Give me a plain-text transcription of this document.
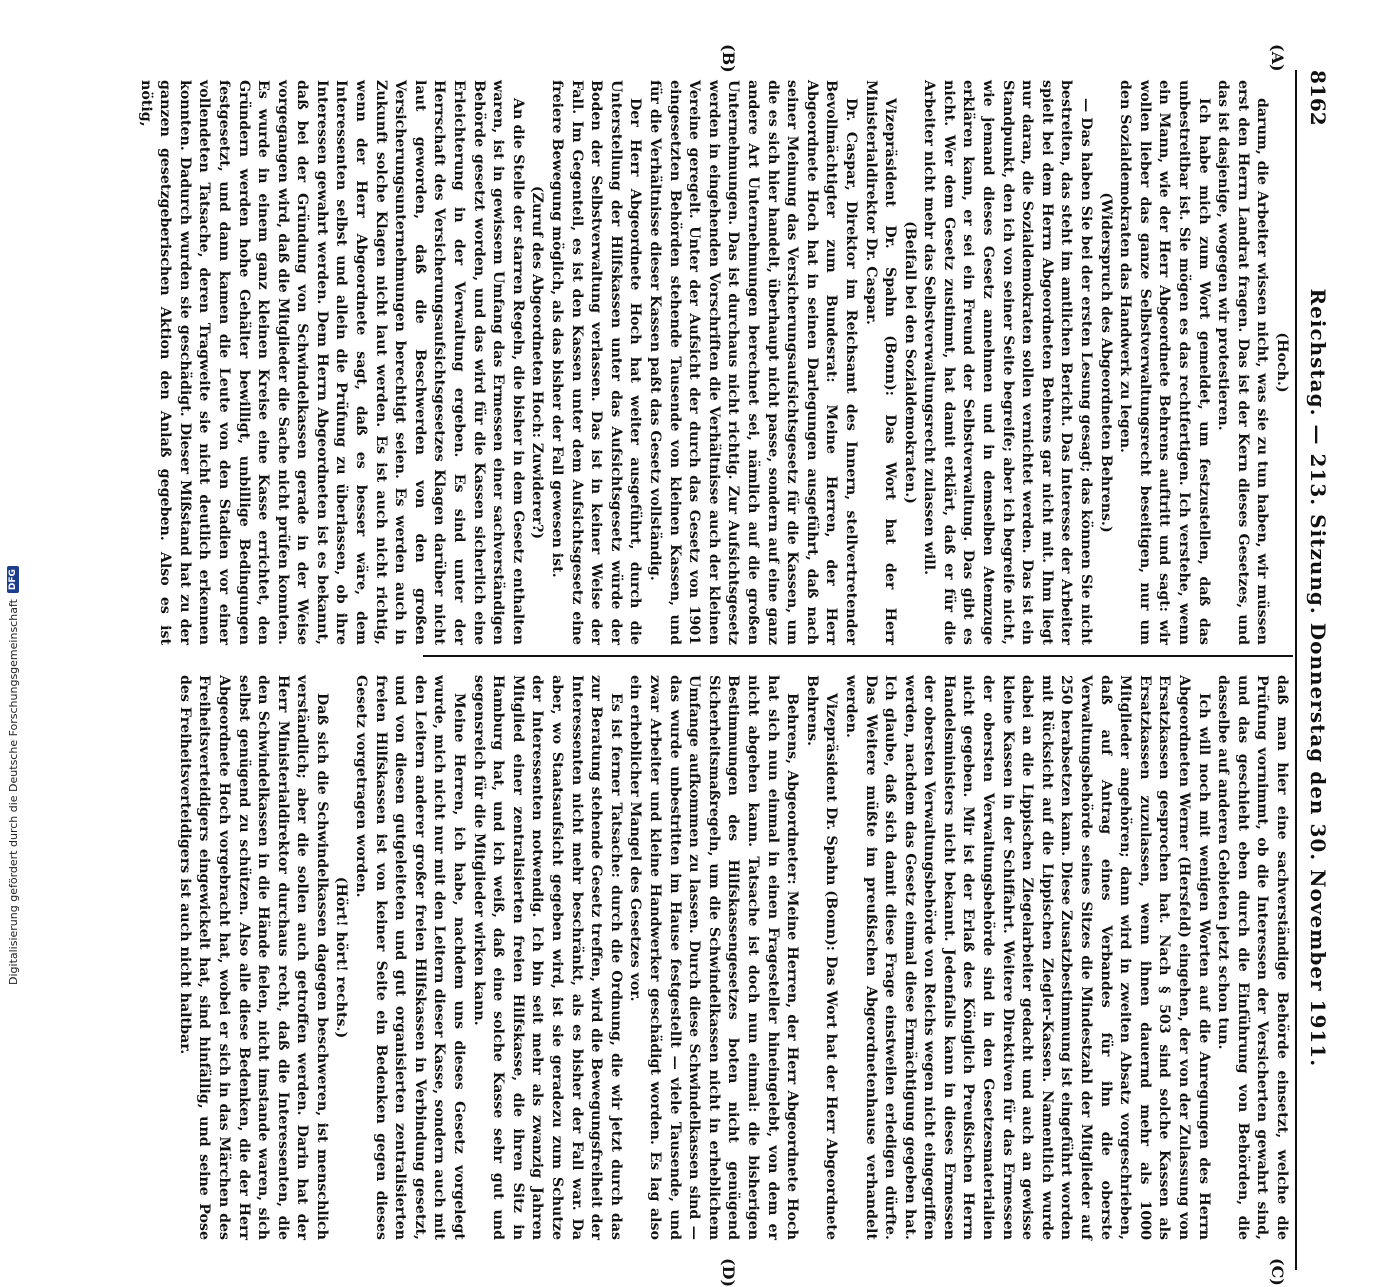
8162
Reichstag. — 213. Sitzung. Donnerstag den 30. November 1911.
(A)
(B)
(C)
(D)

(Hoch.)

darum, die Arbeiter wissen nicht, was sie zu tun haben, wir müssen erst den Herrn Landrat fragen. Das ist der Kern dieses Gesetzes, und das ist dasjenige, wogegen wir protestieren.

Ich habe mich zum Wort gemeldet, um festzustellen, daß das unbestreitbar ist. Sie mögen es das rechtfertigen. Ich verstehe, wenn ein Mann, wie der Herr Abgeordnete Behrens auftritt und sagt: wir wollen lieber das ganze Selbstverwaltungsrecht beseitigen, nur um den Sozialdemokraten das Handwerk zu legen.

(Widerspruch des Abgeordneten Behrens.)

— Das haben Sie bei der ersten Lesung gesagt; das können Sie nicht bestreiten, das steht im amtlichen Bericht. Das Interesse der Arbeiter spielt bei dem Herrn Abgeordneten Behrens gar nicht mit. Ihm liegt nur daran, die Sozialdemokraten sollen vernichtet werden. Das ist ein Standpunkt, den ich von seiner Seite begreife; aber ich begreife nicht, wie jemand dieses Gesetz annehmen und in demselben Atemzuge erklären kann, er sei ein Freund der Selbstverwaltung. Das gibt es nicht. Wer dem Gesetz zustimmt, hat damit erklärt, daß er für die Arbeiter nicht mehr das Selbstverwaltungsrecht zulassen will.

(Beifall bei den Sozialdemokraten.)

Vizepräsident Dr. Spahn (Bonn): Das Wort hat der Herr Ministerialdirektor Dr. Caspar.

Dr. Caspar, Direktor im Reichsamt des Innern, stellvertretender Bevollmächtigter zum Bundesrat: Meine Herren, der Herr Abgeordnete Hoch hat in seinen Darlegungen ausgeführt, daß nach seiner Meinung das Versicherungsaufsichtsgesetz für die Kassen, um die es sich hier handelt, überhaupt nicht passe, sondern auf eine ganz andere Art Unternehmungen berechnet sei, nämlich auf die großen Unternehmungen. Das ist durchaus nicht richtig. Zur Aufsichtsgesetz werden in eingehenden Vorschriften die Verhältnisse auch der kleinen Vereine geregelt. Unter der Aufsicht der durch das Gesetz von 1901 eingesetzten Behörden stehende Tausende von kleinen Kassen, und für die Verhältnisse dieser Kassen paßt das Gesetz vollständig.

Der Herr Abgeordnete Hoch hat weiter ausgeführt, durch die Unterstellung der Hilfskassen unter das Aufsichtsgesetz würde der Boden der Selbstverwaltung verlassen. Das ist in keiner Weise der Fall. Im Gegenteil, es ist den Kassen unter dem Aufsichtsgesetz eine freiere Bewegung möglich, als das bisher der Fall gewesen ist.

(Zuruf des Abgeordneten Hoch: Zuwiderer?)

An die Stelle der starren Regeln, die bisher in dem Gesetz enthalten waren, ist in gewissem Umfang das Ermessen einer sachverständigen Behörde gesetzt worden, und das wird für die Kassen sicherlich eine Erleichterung in der Verwaltung ergeben. Es sind unter der Herrschaft des Versicherungsaufsichtsgesetzes Klagen darüber nicht laut geworden, daß die Beschwerden von den großen Versicherungsunternehmungen berechtigt seien. Es werden auch in Zukunft solche Klagen nicht laut werden. Es ist auch nicht richtig, wenn der Herr Abgeordnete sagt, daß es besser wäre, dem Interessenten selbst und allein die Prüfung zu überlassen, ob ihre Interessen gewahrt werden. Dem Herrn Abgeordneten ist es bekannt, daß bei der Gründung von Schwindelkassen gerade in der Weise vorgegangen wird, daß die Mitglieder die Sache nicht prüfen konnten. Es wurde in einem ganz kleinen Kreise eine Kasse errichtet, den Gründern werden hohe Gehälter bewilligt, unbillige Bedingungen festgesetzt, und dann kamen die Leute von den Stadien vor einer vollendeten Tatsache, deren Tragweite sie nicht deutlich erkennen konnten. Dadurch wurden sie geschädigt. Dieser Mißstand hat zu der ganzen gesetzgeberischen Aktion den Anlaß gegeben. Also es ist nötig,

daß man hier eine sachverständige Behörde einsetzt, welche die Prüfung vornimmt, ob die Interessen der Versicherten gewahrt sind, und das geschieht eben durch die Einführung von Behörden, die dasselbe auf anderen Gebieten jetzt schon tun.

Ich will noch mit wenigen Worten auf die Anregungen des Herrn Abgeordneten Werner (Hersfeld) eingehen, der von der Zulassung von Ersatzkassen gesprochen hat. Nach § 503 sind solche Kassen als Ersatzkassen zuzulassen, wenn ihnen dauernd mehr als 1000 Mitglieder angehören; dann wird in zweiten Absatz vorgeschrieben, daß auf Antrag eines Verbandes für ihn die oberste Verwaltungsbehörde seines Sitzes die Mindestzahl der Mitglieder auf 250 herabsetzen kann. Diese Zusatzbestimmung ist eingeführt worden mit Rücksicht auf die Lippischen Ziegler-Kassen. Namentlich wurde dabei an die Lippischen Ziegelarbeiter gedacht und auch an gewisse kleine Kassen in der Schiffahrt. Weitere Direktiven für das Ermessen der obersten Verwaltungsbehörde sind in den Gesetzesmaterialien nicht gegeben. Mir ist der Erlaß des Königlich Preußischen Herrn Handelsministers nicht bekannt. Jedenfalls kann in dieses Ermessen der obersten Verwaltungsbehörde von Reichs wegen nicht eingegriffen werden, nachdem das Gesetz einmal diese Ermächtigung gegeben hat. Ich glaube, daß sich damit diese Frage einstweilen erledigen dürfte. Das Weitere müßte im preußischen Abgeordnetenhause verhandelt werden.

Vizepräsident Dr. Spahn (Bonn): Das Wort hat der Herr Abgeordnete Behrens.

Behrens, Abgeordneter: Meine Herren, der Herr Abgeordnete Hoch hat sich nun einmal in einen Fragesteller hineingelebt, von dem er nicht abgehen kann. Tatsache ist doch nun einmal: die bisherigen Bestimmungen des Hilfskassengesetzes boten nicht genügend Sicherheitsmaßregeln, um die Schwindelkassen nicht in erheblichem Umfange aufkommen zu lassen. Durch diese Schwindelkassen sind — das wurde unbestritten im Hause festgestellt — viele Tausende, und zwar Arbeiter und kleine Handwerker geschädigt worden. Es lag also ein erheblicher Mangel des Gesetzes vor.

Es ist ferner Tatsache: durch die Ordnung, die wir jetzt durch das zur Beratung stehende Gesetz treffen, wird die Bewegungsfreiheit der Interessenten nicht mehr beschränkt, als es bisher der Fall war. Da aber, wo Staatsaufsicht gegeben wird, ist sie geradezu zum Schutze der Interessenten notwendig. Ich bin seit mehr als zwanzig Jahren Mitglied einer zentralisierten freien Hilfskasse, die ihren Sitz in Hamburg hat, und ich weiß, daß eine solche Kasse sehr gut und segensreich für die Mitglieder wirken kann.

Meine Herren, ich habe, nachdem uns dieses Gesetz vorgelegt wurde, mich nicht nur mit den Leitern dieser Kasse, sondern auch mit den Leitern anderer großer freien Hilfskassen in Verbindung gesetzt, und von diesen gutgeleiteten und gut organisierten zentralisierten freien Hilfskassen ist von keiner Seite ein Bedenken gegen dieses Gesetz vorgetragen worden.

(Hört! hört! rechts.)

Daß sich die Schwindelkassen dagegen beschweren, ist menschlich verständlich; aber die sollen auch getroffen werden. Darin hat der Herr Ministerialdirektor durchaus recht, daß die Interessenten, die den Schwindelkassen in die Hände fielen, nicht imstande waren, sich selbst genügend zu schützen. Also alle diese Bedenken, die der Herr Abgeordnete Hoch vorgebracht hat, wobei er sich in das Märchen des Freiheitsverteidigers eingewickelt hat, sind hinfällig, und seine Pose des Freiheitsverteidigers ist auch nicht haltbar.

Digitalisierung gefördert durch die Deutsche Forschungsgemeinschaft
DFG
